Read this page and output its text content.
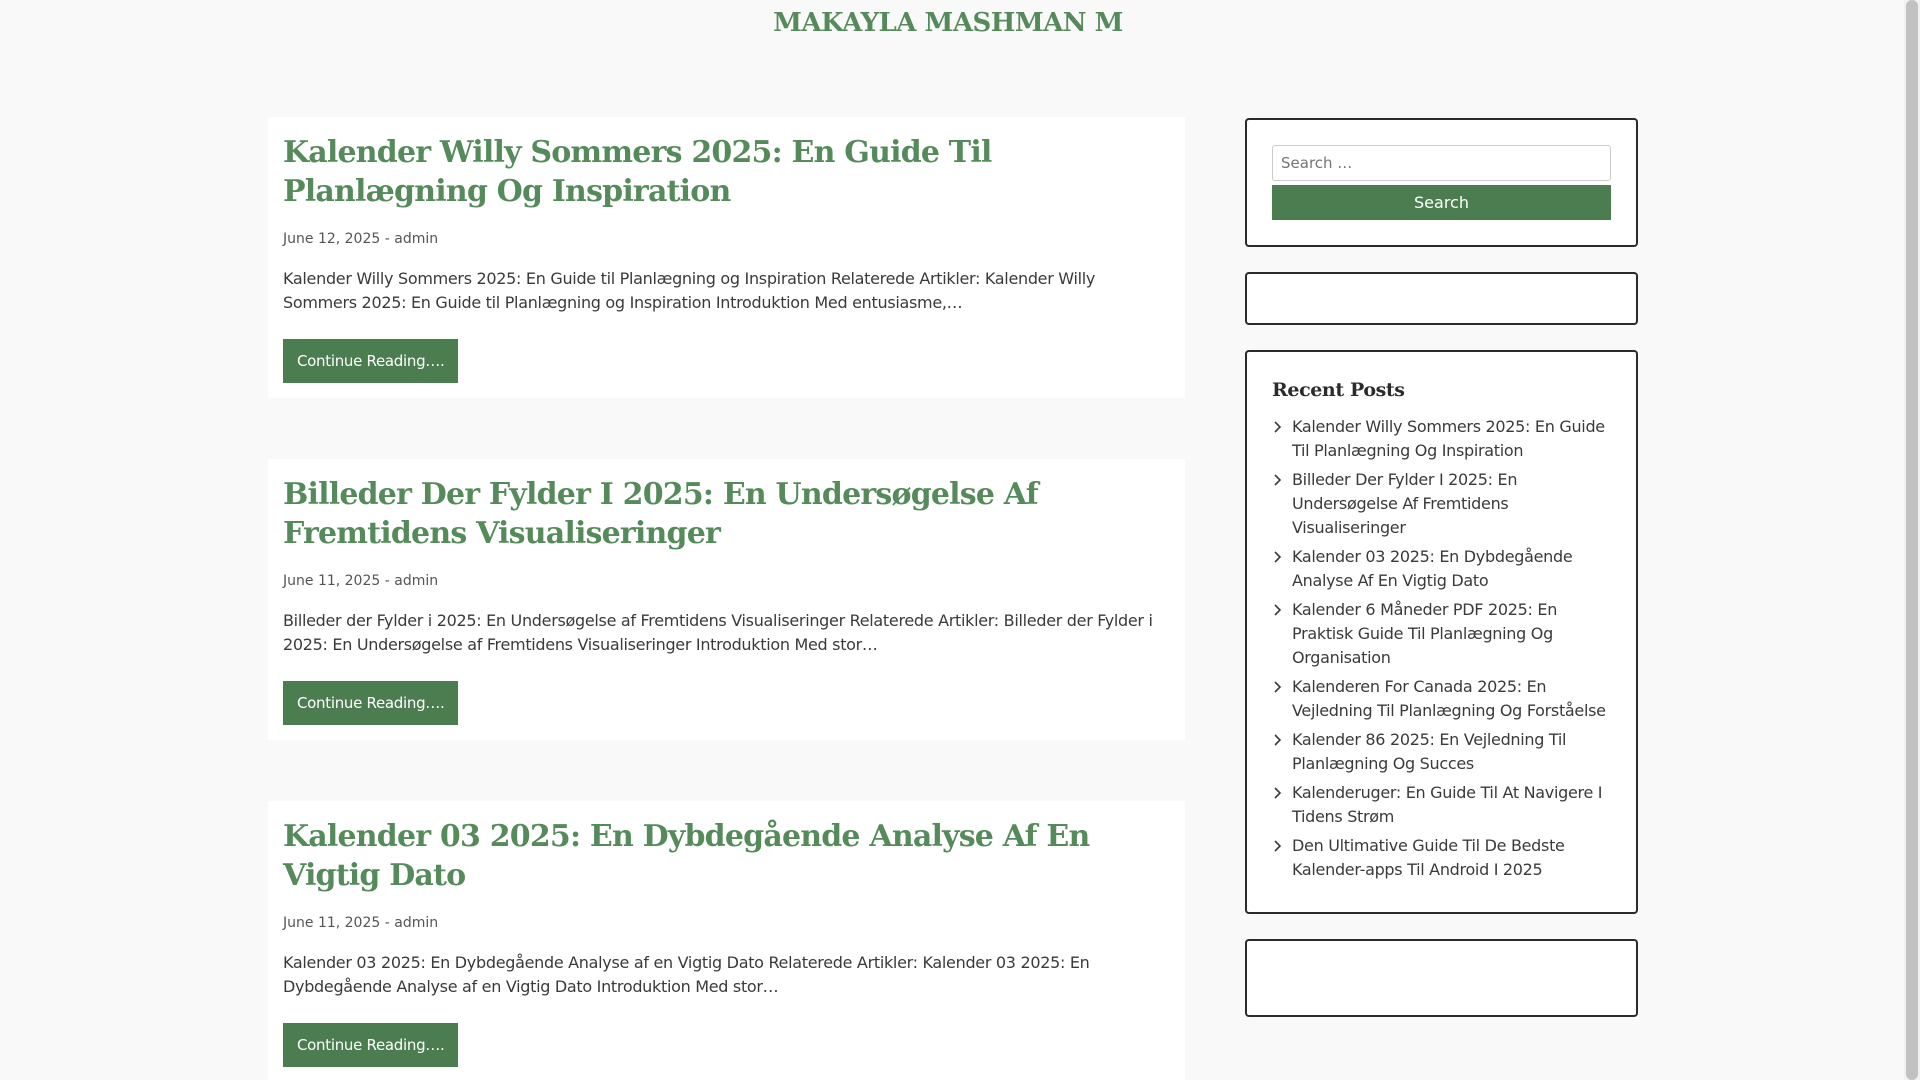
MAKAYLA MASHMAN M
Kalender Willy Sommers 2025: En Guide Til Planlægning Og Inspiration
June 12, 2025 - admin

Kalender Willy Sommers 2025: En Guide til Planlægning og Inspiration Relaterede Artikler: Kalender Willy Sommers 2025: En Guide til Planlægning og Inspiration Introduktion Med entusiasme,…

Continue Reading….
Billeder Der Fylder I 2025: En Undersøgelse Af Fremtidens Visualiseringer
June 11, 2025 - admin

Billeder der Fylder i 2025: En Undersøgelse af Fremtidens Visualiseringer Relaterede Artikler: Billeder der Fylder i 2025: En Undersøgelse af Fremtidens Visualiseringer Introduktion Med stor…

Continue Reading….
Kalender 03 2025: En Dybdegående Analyse Af En Vigtig Dato
June 11, 2025 - admin

Kalender 03 2025: En Dybdegående Analyse af en Vigtig Dato Relaterede Artikler: Kalender 03 2025: En Dybdegående Analyse af en Vigtig Dato Introduktion Med stor…

Continue Reading….
Search …
Search
Recent Posts
Kalender Willy Sommers 2025: En Guide Til Planlægning Og Inspiration
Billeder Der Fylder I 2025: En Undersøgelse Af Fremtidens Visualiseringer
Kalender 03 2025: En Dybdegående Analyse Af En Vigtig Dato
Kalender 6 Måneder PDF 2025: En Praktisk Guide Til Planlægning Og Organisation
Kalenderen For Canada 2025: En Vejledning Til Planlægning Og Forståelse
Kalender 86 2025: En Vejledning Til Planlægning Og Succes
Kalenderuger: En Guide Til At Navigere I Tidens Strøm
Den Ultimative Guide Til De Bedste Kalender-apps Til Android I 2025
